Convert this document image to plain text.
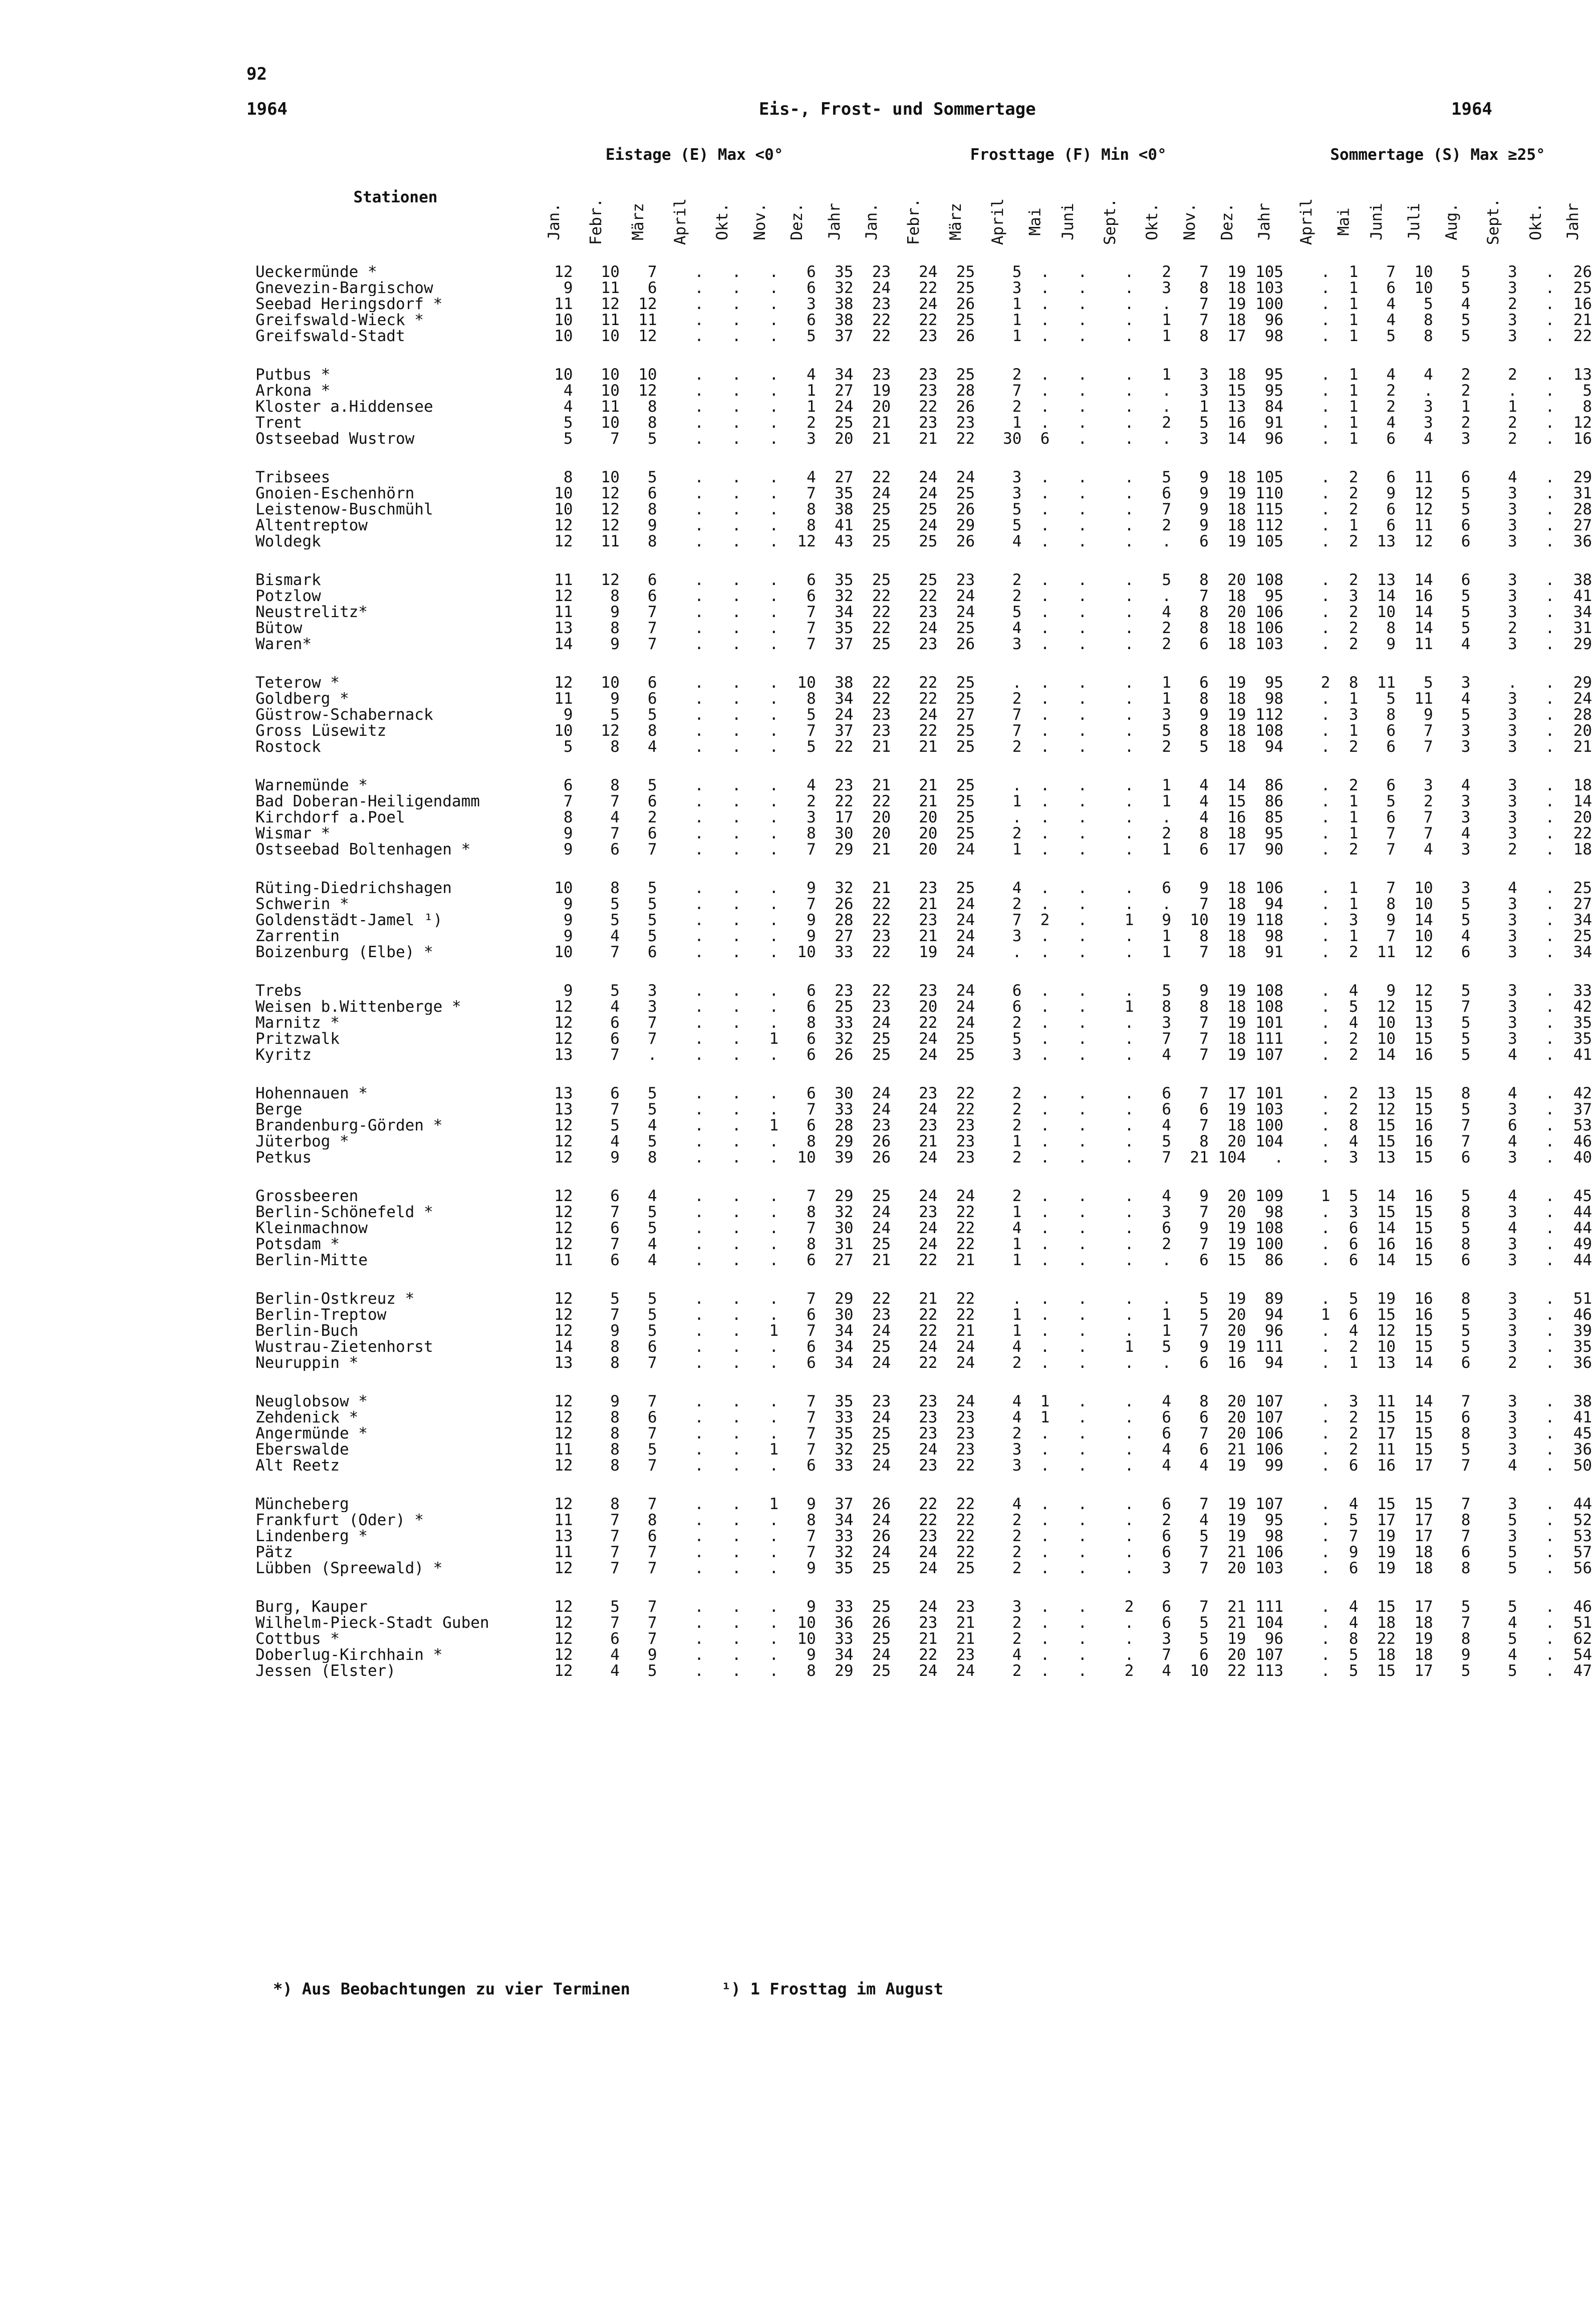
92
1964	Eis-, Frost- und Sommertage	1964
Stationen	Eistage (E) Max <0°								Frosttage (F) Min <0°											Sommertage (S) Max ≥25°							
	Jan.	Febr.	März	April	Okt.	Nov.	Dez.	Jahr	Jan.	Febr.	März	April	Mai	Juni	Sept.	Okt.	Nov.	Dez.	Jahr	April	Mai	Juni	Juli	Aug.	Sept.	Okt.	Jahr
Ueckermünde *	12	10	7	.	.	.	6	35	23	24	25	5	.	.	.	2	7	19	105	.	1	7	10	5	3	.	26
Gnevezin-Bargischow	9	11	6	.	.	.	6	32	24	22	25	3	.	.	.	3	8	18	103	.	1	6	10	5	3	.	25
Seebad Heringsdorf *	11	12	12	.	.	.	3	38	23	24	26	1	.	.	.	.	7	19	100	.	1	4	5	4	2	.	16
Greifswald-Wieck *	10	11	11	.	.	.	6	38	22	22	25	1	.	.	.	1	7	18	96	.	1	4	8	5	3	.	21
Greifswald-Stadt	10	10	12	.	.	.	5	37	22	23	26	1	.	.	.	1	8	17	98	.	1	5	8	5	3	.	22

Putbus *	10	10	10	.	.	.	4	34	23	23	25	2	.	.	.	1	3	18	95	.	1	4	4	2	2	.	13
Arkona *	4	10	12	.	.	.	1	27	19	23	28	7	.	.	.	.	3	15	95	.	1	2	.	2	.	.	5
Kloster a.Hiddensee	4	11	8	.	.	.	1	24	20	22	26	2	.	.	.	.	1	13	84	.	1	2	3	1	1	.	8
Trent	5	10	8	.	.	.	2	25	21	23	23	1	.	.	.	2	5	16	91	.	1	4	3	2	2	.	12
Ostseebad Wustrow	5	7	5	.	.	.	3	20	21	21	22	30	6	.	.	.	3	14	96	.	1	6	4	3	2	.	16

Tribsees	8	10	5	.	.	.	4	27	22	24	24	3	.	.	.	5	9	18	105	.	2	6	11	6	4	.	29
Gnoien-Eschenhörn	10	12	6	.	.	.	7	35	24	24	25	3	.	.	.	6	9	19	110	.	2	9	12	5	3	.	31
Leistenow-Buschmühl	10	12	8	.	.	.	8	38	25	25	26	5	.	.	.	7	9	18	115	.	2	6	12	5	3	.	28
Altentreptow	12	12	9	.	.	.	8	41	25	24	29	5	.	.	.	2	9	18	112	.	1	6	11	6	3	.	27
Woldegk	12	11	8	.	.	.	12	43	25	25	26	4	.	.	.	.	6	19	105	.	2	13	12	6	3	.	36

Bismark	11	12	6	.	.	.	6	35	25	25	23	2	.	.	.	5	8	20	108	.	2	13	14	6	3	.	38
Potzlow	12	8	6	.	.	.	6	32	22	22	24	2	.	.	.	.	7	18	95	.	3	14	16	5	3	.	41
Neustrelitz*	11	9	7	.	.	.	7	34	22	23	24	5	.	.	.	4	8	20	106	.	2	10	14	5	3	.	34
Bütow	13	8	7	.	.	.	7	35	22	24	25	4	.	.	.	2	8	18	106	.	2	8	14	5	2	.	31
Waren*	14	9	7	.	.	.	7	37	25	23	26	3	.	.	.	2	6	18	103	.	2	9	11	4	3	.	29

Teterow *	12	10	6	.	.	.	10	38	22	22	25	.	.	.	.	1	6	19	95	2	8	11	5	3	.	.	29
Goldberg *	11	9	6	.	.	.	8	34	22	22	25	2	.	.	.	1	8	18	98	.	1	5	11	4	3	.	24
Güstrow-Schabernack	9	5	5	.	.	.	5	24	23	24	27	7	.	.	.	3	9	19	112	.	3	8	9	5	3	.	28
Gross Lüsewitz	10	12	8	.	.	.	7	37	23	22	25	7	.	.	.	5	8	18	108	.	1	6	7	3	3	.	20
Rostock	5	8	4	.	.	.	5	22	21	21	25	2	.	.	.	2	5	18	94	.	2	6	7	3	3	.	21

Warnemünde *	6	8	5	.	.	.	4	23	21	21	25	.	.	.	.	1	4	14	86	.	2	6	3	4	3	.	18
Bad Doberan-Heiligendamm	7	7	6	.	.	.	2	22	22	21	25	1	.	.	.	1	4	15	86	.	1	5	2	3	3	.	14
Kirchdorf a.Poel	8	4	2	.	.	.	3	17	20	20	25	.	.	.	.	.	4	16	85	.	1	6	7	3	3	.	20
Wismar *	9	7	6	.	.	.	8	30	20	20	25	2	.	.	.	2	8	18	95	.	1	7	7	4	3	.	22
Ostseebad Boltenhagen *	9	6	7	.	.	.	7	29	21	20	24	1	.	.	.	1	6	17	90	.	2	7	4	3	2	.	18

Rüting-Diedrichshagen	10	8	5	.	.	.	9	32	21	23	25	4	.	.	.	6	9	18	106	.	1	7	10	3	4	.	25
Schwerin *	9	5	5	.	.	.	7	26	22	21	24	2	.	.	.	.	7	18	94	.	1	8	10	5	3	.	27
Goldenstädt-Jamel ¹)	9	5	5	.	.	.	9	28	22	23	24	7	2	.	1	9	10	19	118	.	3	9	14	5	3	.	34
Zarrentin	9	4	5	.	.	.	9	27	23	21	24	3	.	.	.	1	8	18	98	.	1	7	10	4	3	.	25
Boizenburg (Elbe) *	10	7	6	.	.	.	10	33	22	19	24	.	.	.	.	1	7	18	91	.	2	11	12	6	3	.	34

Trebs	9	5	3	.	.	.	6	23	22	23	24	6	.	.	.	5	9	19	108	.	4	9	12	5	3	.	33
Weisen b.Wittenberge *	12	4	3	.	.	.	6	25	23	20	24	6	.	.	1	8	8	18	108	.	5	12	15	7	3	.	42
Marnitz *	12	6	7	.	.	.	8	33	24	22	24	2	.	.	.	3	7	19	101	.	4	10	13	5	3	.	35
Pritzwalk	12	6	7	.	.	1	6	32	25	24	25	5	.	.	.	7	7	18	111	.	2	10	15	5	3	.	35
Kyritz	13	7	.	.	.	.	6	26	25	24	25	3	.	.	.	4	7	19	107	.	2	14	16	5	4	.	41

Hohennauen *	13	6	5	.	.	.	6	30	24	23	22	2	.	.	.	6	7	17	101	.	2	13	15	8	4	.	42
Berge	13	7	5	.	.	.	7	33	24	24	22	2	.	.	.	6	6	19	103	.	2	12	15	5	3	.	37
Brandenburg-Görden *	12	5	4	.	.	1	6	28	23	23	23	2	.	.	.	4	7	18	100	.	8	15	16	7	6	.	53
Jüterbog *	12	4	5	.	.	.	8	29	26	21	23	1	.	.	.	5	8	20	104	.	4	15	16	7	4	.	46
Petkus	12	9	8	.	.	.	10	39	26	24	23	2	.	.	.	7	21	104	.	.	3	13	15	6	3	.	40

Grossbeeren	12	6	4	.	.	.	7	29	25	24	24	2	.	.	.	4	9	20	109	1	5	14	16	5	4	.	45
Berlin-Schönefeld *	12	7	5	.	.	.	8	32	24	23	22	1	.	.	.	3	7	20	98	.	3	15	15	8	3	.	44
Kleinmachnow	12	6	5	.	.	.	7	30	24	24	22	4	.	.	.	6	9	19	108	.	6	14	15	5	4	.	44
Potsdam *	12	7	4	.	.	.	8	31	25	24	22	1	.	.	.	2	7	19	100	.	6	16	16	8	3	.	49
Berlin-Mitte	11	6	4	.	.	.	6	27	21	22	21	1	.	.	.	.	6	15	86	.	6	14	15	6	3	.	44

Berlin-Ostkreuz *	12	5	5	.	.	.	7	29	22	21	22	.	.	.	.	.	5	19	89	.	5	19	16	8	3	.	51
Berlin-Treptow	12	7	5	.	.	.	6	30	23	22	22	1	.	.	.	1	5	20	94	1	6	15	16	5	3	.	46
Berlin-Buch	12	9	5	.	.	1	7	34	24	22	21	1	.	.	.	1	7	20	96	.	4	12	15	5	3	.	39
Wustrau-Zietenhorst	14	8	6	.	.	.	6	34	25	24	24	4	.	.	1	5	9	19	111	.	2	10	15	5	3	.	35
Neuruppin *	13	8	7	.	.	.	6	34	24	22	24	2	.	.	.	.	6	16	94	.	1	13	14	6	2	.	36

Neuglobsow *	12	9	7	.	.	.	7	35	23	23	24	4	1	.	.	4	8	20	107	.	3	11	14	7	3	.	38
Zehdenick *	12	8	6	.	.	.	7	33	24	23	23	4	1	.	.	6	6	20	107	.	2	15	15	6	3	.	41
Angermünde *	12	8	7	.	.	.	7	35	25	23	23	2	.	.	.	6	7	20	106	.	2	17	15	8	3	.	45
Eberswalde	11	8	5	.	.	1	7	32	25	24	23	3	.	.	.	4	6	21	106	.	2	11	15	5	3	.	36
Alt Reetz	12	8	7	.	.	.	6	33	24	23	22	3	.	.	.	4	4	19	99	.	6	16	17	7	4	.	50

Müncheberg	12	8	7	.	.	1	9	37	26	22	22	4	.	.	.	6	7	19	107	.	4	15	15	7	3	.	44
Frankfurt (Oder) *	11	7	8	.	.	.	8	34	24	22	22	2	.	.	.	2	4	19	95	.	5	17	17	8	5	.	52
Lindenberg *	13	7	6	.	.	.	7	33	26	23	22	2	.	.	.	6	5	19	98	.	7	19	17	7	3	.	53
Pätz	11	7	7	.	.	.	7	32	24	24	22	2	.	.	.	6	7	21	106	.	9	19	18	6	5	.	57
Lübben (Spreewald) *	12	7	7	.	.	.	9	35	25	24	25	2	.	.	.	3	7	20	103	.	6	19	18	8	5	.	56

Burg, Kauper	12	5	7	.	.	.	9	33	25	24	23	3	.	.	2	6	7	21	111	.	4	15	17	5	5	.	46
Wilhelm-Pieck-Stadt Guben	12	7	7	.	.	.	10	36	26	23	21	2	.	.	.	6	5	21	104	.	4	18	18	7	4	.	51
Cottbus *	12	6	7	.	.	.	10	33	25	21	21	2	.	.	.	3	5	19	96	.	8	22	19	8	5	.	62
Doberlug-Kirchhain *	12	4	9	.	.	.	9	34	24	22	23	4	.	.	.	7	6	20	107	.	5	18	18	9	4	.	54
Jessen (Elster)	12	4	5	.	.	.	8	29	25	24	24	2	.	.	2	4	10	22	113	.	5	15	17	5	5	.	47
*) Aus Beobachtungen zu vier Terminen	¹) 1 Frosttag im August
